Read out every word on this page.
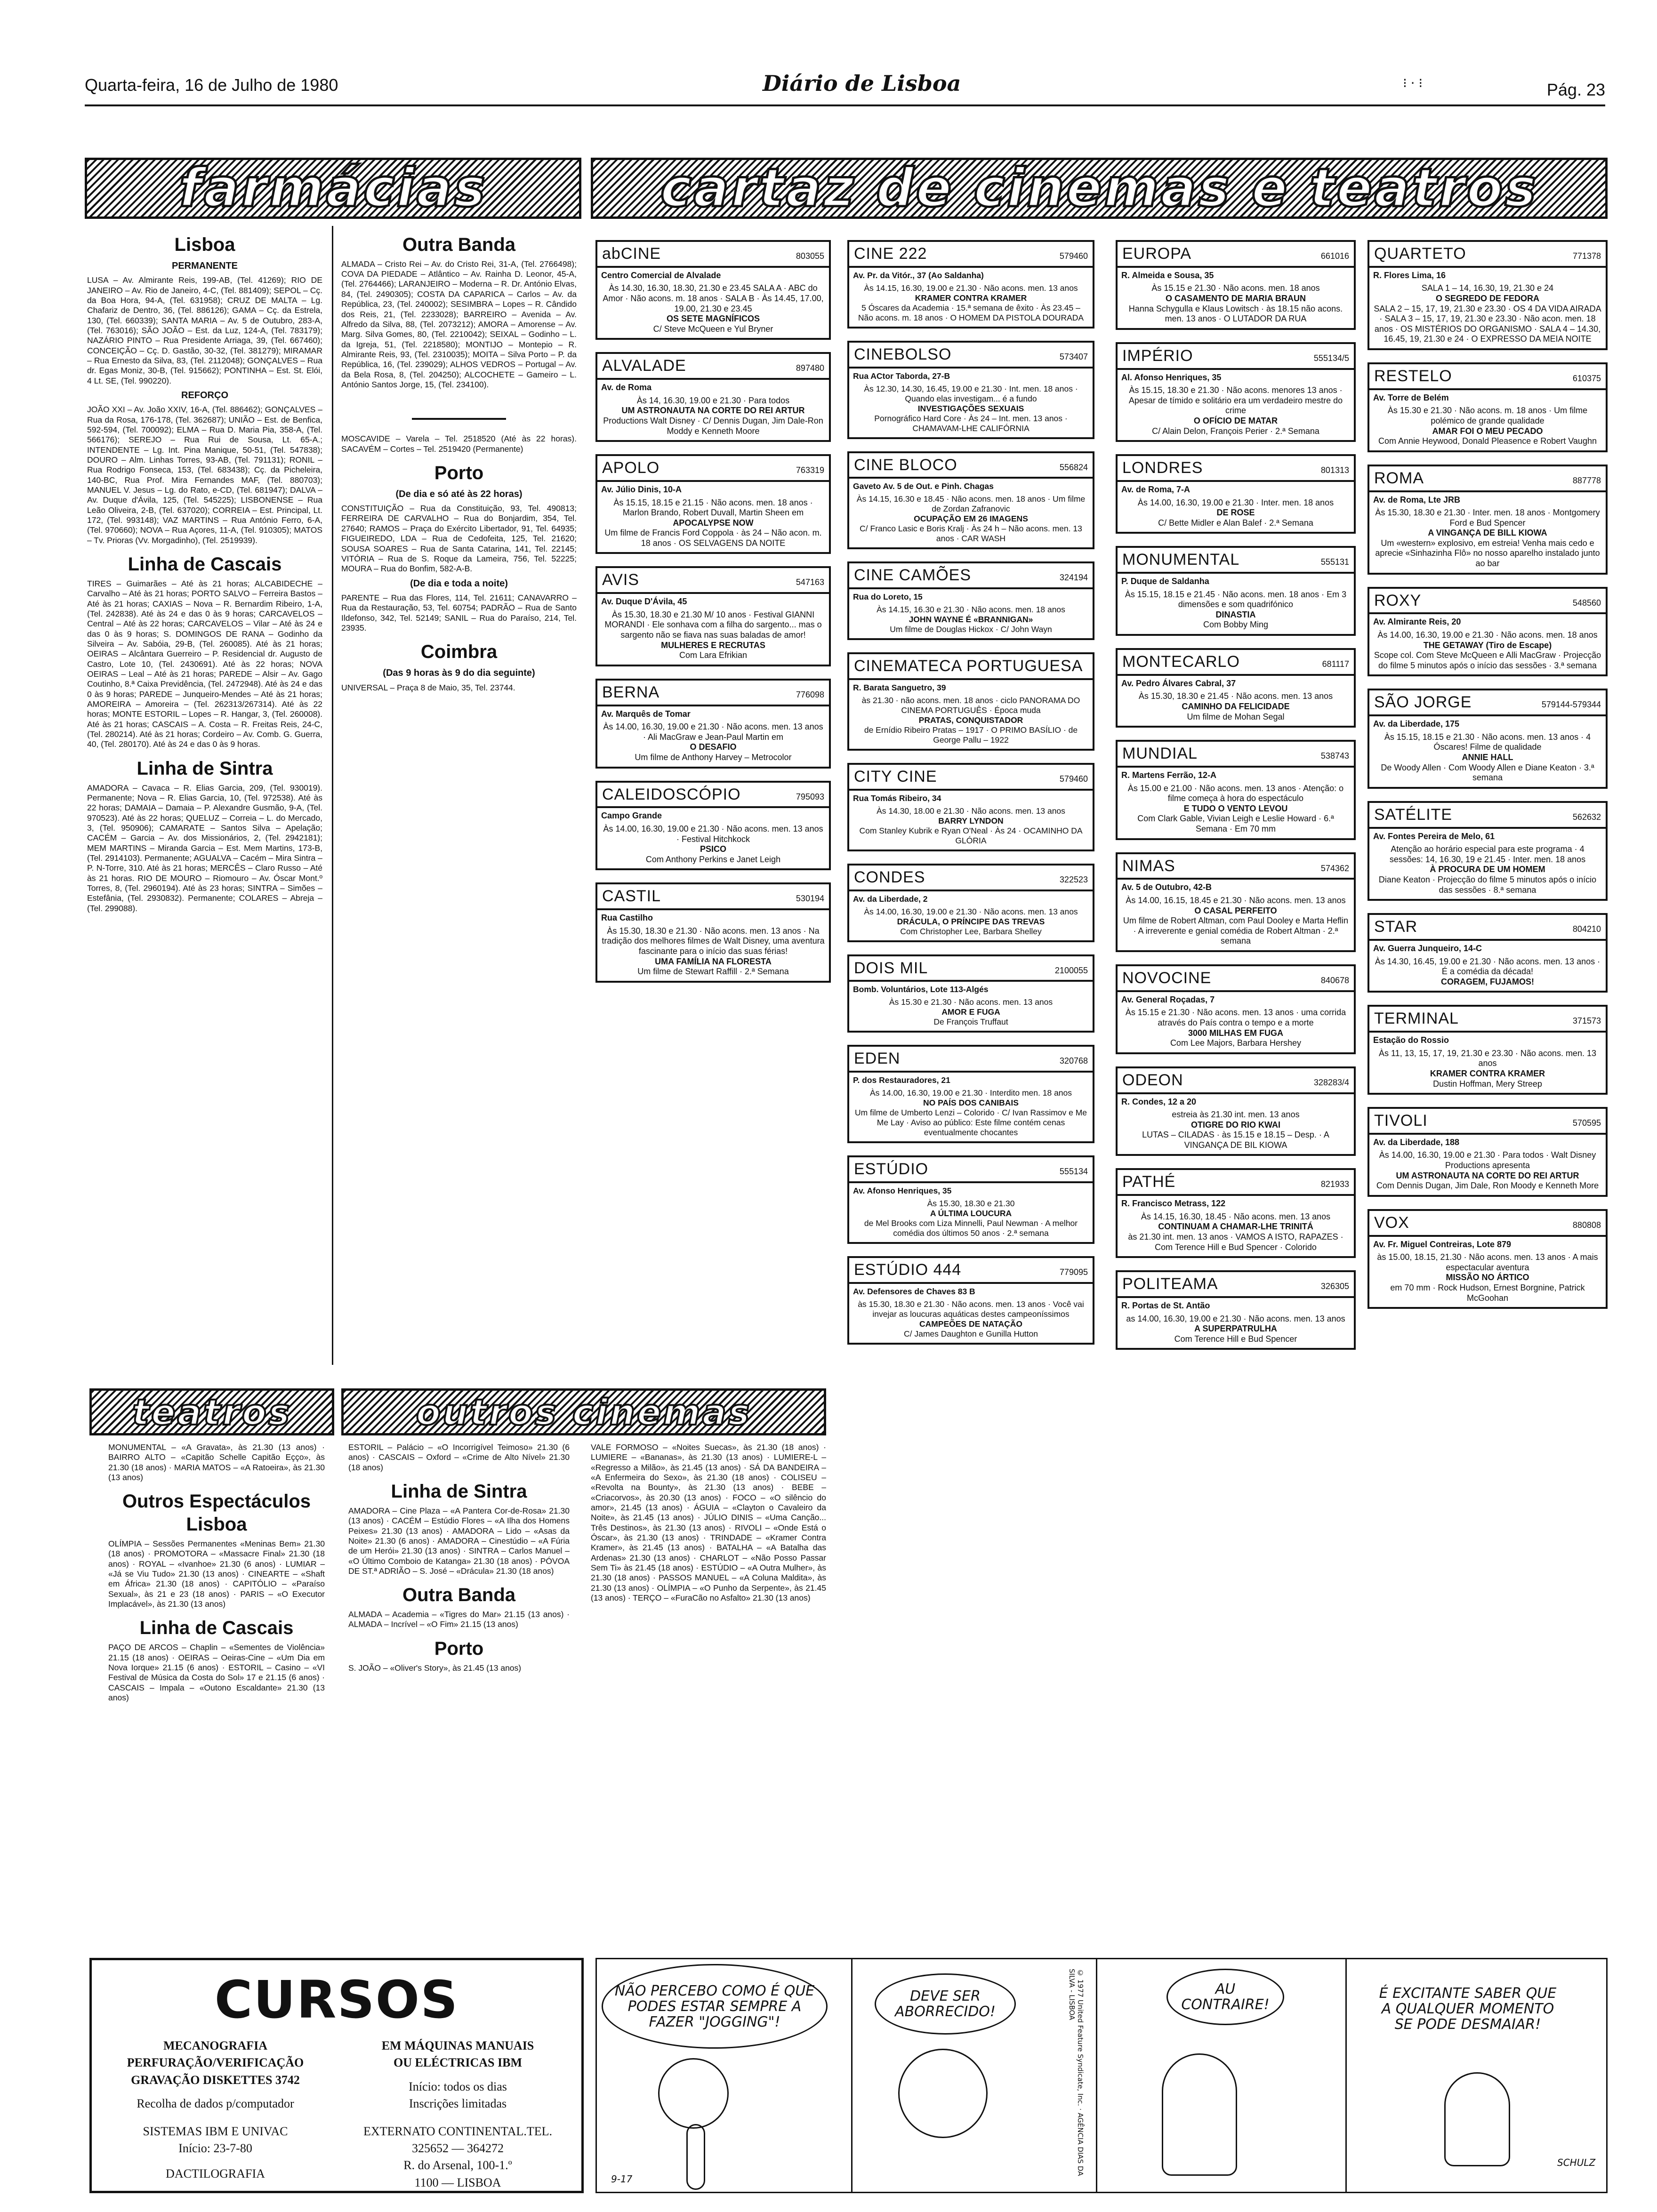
Quarta-feira, 16 de Julho de 1980	Diário de Lisboa	⁝ ⋅ ⁝	Pág. 23
farmácias	cartaz de cinemas e teatros
Lisboa
PERMANENTE

LUSA – Av. Almirante Reis, 199-AB, (Tel. 41269); RIO DE JANEIRO – Av. Rio de Janeiro, 4-C, (Tel. 881409); SEPOL – Cç. da Boa Hora, 94-A, (Tel. 631958); CRUZ DE MALTA – Lg. Chafariz de Dentro, 36, (Tel. 886126); GAMA – Cç. da Estrela, 130, (Tel. 660339); SANTA MARIA – Av. 5 de Outubro, 283-A, (Tel. 763016); SÃO JOÃO – Est. da Luz, 124-A, (Tel. 783179); NAZÁRIO PINTO – Rua Presidente Arriaga, 39, (Tel. 667460); CONCEIÇÃO – Cç. D. Gastão, 30-32, (Tel. 381279); MIRAMAR – Rua Ernesto da Silva, 83, (Tel. 2112048); GONÇALVES – Rua dr. Egas Moniz, 30-B, (Tel. 915662); PONTINHA – Est. St. Elói, 4 Lt. SE, (Tel. 990220).

REFORÇO

JOÃO XXI – Av. João XXIV, 16-A, (Tel. 886462); GONÇALVES – Rua da Rosa, 176-178, (Tel. 362687); UNIÃO – Est. de Benfica, 592-594, (Tel. 700092); ELMA – Rua D. Maria Pia, 358-A, (Tel. 566176); SEREJO – Rua Rui de Sousa, Lt. 65-A.; INTENDENTE – Lg. Int. Pina Manique, 50-51, (Tel. 547838); DOURO – Alm. Linhas Torres, 93-AB, (Tel. 791131); RONIL – Rua Rodrigo Fonseca, 153, (Tel. 683438); Cç. da Picheleira, 140-BC, Rua Prof. Mira Fernandes MAF, (Tel. 880703); MANUEL V. Jesus – Lg. do Rato, e-CD, (Tel. 681947); DALVA – Av. Duque d'Ávila, 125, (Tel. 545225); LISBONENSE – Rua Leão Oliveira, 2-B, (Tel. 637020); CORREIA – Est. Principal, Lt. 172, (Tel. 993148); VAZ MARTINS – Rua António Ferro, 6-A, (Tel. 970660); NOVA – Rua Açores, 11-A, (Tel. 910305); MATOS – Tv. Prioras (Vv. Morgadinho), (Tel. 2519939).

Linha de Cascais

TIRES – Guimarães – Até às 21 horas; ALCABIDECHE – Carvalho – Até às 21 horas; PORTO SALVO – Ferreira Bastos – Até às 21 horas; CAXIAS – Nova – R. Bernardim Ribeiro, 1-A, (Tel. 242838). Até às 24 e das 0 às 9 horas; CARCAVELOS – Central – Até às 22 horas; CARCAVELOS – Vilar – Até às 24 e das 0 às 9 horas; S. DOMINGOS DE RANA – Godinho da Silveira – Av. Sabóia, 29-B, (Tel. 260085). Até às 21 horas; OEIRAS – Alcântara Guerreiro – P. Residencial dr. Augusto de Castro, Lote 10, (Tel. 2430691). Até às 22 horas; NOVA OEIRAS – Leal – Até às 21 horas; PAREDE – Alsir – Av. Gago Coutinho, 8.ª Caixa Previdência, (Tel. 2472948). Até às 24 e das 0 às 9 horas; PAREDE – Junqueiro-Mendes – Até às 21 horas; AMOREIRA – Amoreira – (Tel. 262313/267314). Até às 22 horas; MONTE ESTORIL – Lopes – R. Hangar, 3, (Tel. 260008). Até às 21 horas; CASCAIS – A. Costa – R. Freitas Reis, 24-C, (Tel. 280214). Até às 21 horas; Cordeiro – Av. Comb. G. Guerra, 40, (Tel. 280170). Até às 24 e das 0 às 9 horas.

Linha de Sintra

AMADORA – Cavaca – R. Elias Garcia, 209, (Tel. 930019). Permanente; Nova – R. Elias Garcia, 10, (Tel. 972538). Até às 22 horas; DAMAIA – Damaia – P. Alexandre Gusmão, 9-A, (Tel. 970523). Até às 22 horas; QUELUZ – Correia – L. do Mercado, 3, (Tel. 950906); CAMARATE – Santos Silva – Apelação; CACÉM – Garcia – Av. dos Missionários, 2, (Tel. 2942181); MEM MARTINS – Miranda Garcia – Est. Mem Martins, 173-B, (Tel. 2914103). Permanente; AGUALVA – Cacém – Mira Sintra – P. N-Torre, 310. Até às 21 horas; MERCÊS – Claro Russo – Até às 21 horas. RIO DE MOURO – Riomouro – Av. Óscar Mont.º Torres, 8, (Tel. 2960194). Até às 23 horas; SINTRA – Simões – Estefânia, (Tel. 2930832). Permanente; COLARES – Abreja – (Tel. 299088).

Outra Banda

ALMADA – Cristo Rei – Av. do Cristo Rei, 31-A, (Tel. 2766498); COVA DA PIEDADE – Atlântico – Av. Rainha D. Leonor, 45-A, (Tel. 2764466); LARANJEIRO – Moderna – R. Dr. António Elvas, 84, (Tel. 2490305); COSTA DA CAPARICA – Carlos – Av. da República, 23, (Tel. 240002); SESIMBRA – Lopes – R. Cândido dos Reis, 21, (Tel. 2233028); BARREIRO – Avenida – Av. Alfredo da Silva, 88, (Tel. 2073212); AMORA – Amorense – Av. Marg. Silva Gomes, 80, (Tel. 2210042); SEIXAL – Godinho – L. da Igreja, 51, (Tel. 2218580); MONTIJO – Montepio – R. Almirante Reis, 93, (Tel. 2310035); MOITA – Silva Porto – P. da República, 16, (Tel. 239029); ALHOS VEDROS – Portugal – Av. da Bela Rosa, 8, (Tel. 204250); ALCOCHETE – Gameiro – L. António Santos Jorge, 15, (Tel. 234100).

MOSCAVIDE – Varela – Tel. 2518520 (Até às 22 horas). SACAVÉM – Cortes – Tel. 2519420 (Permanente)

Porto
(De dia e só até às 22 horas)

CONSTITUIÇÃO – Rua da Constituição, 93, Tel. 490813; FERREIRA DE CARVALHO – Rua do Bonjardim, 354, Tel. 27640; RAMOS – Praça do Exército Libertador, 91, Tel. 64935; FIGUEIREDO, LDA – Rua de Cedofeita, 125, Tel. 21620; SOUSA SOARES – Rua de Santa Catarina, 141, Tel. 22145; VITÓRIA – Rua de S. Roque da Lameira, 756, Tel. 52225; MOURA – Rua do Bonfim, 582-A-B.

(De dia e toda a noite)

PARENTE – Rua das Flores, 114, Tel. 21611; CANAVARRO – Rua da Restauração, 53, Tel. 60754; PADRÃO – Rua de Santo Ildefonso, 342, Tel. 52149; SANIL – Rua do Paraíso, 214, Tel. 23935.

Coimbra
(Das 9 horas às 9 do dia seguinte)

UNIVERSAL – Praça 8 de Maio, 35, Tel. 23744.

abCINE	803055
Centro Comercial de Alvalade
Às 14.30, 16.30, 18.30, 21.30 e 23.45 SALA A · ABC do Amor · Não acons. m. 18 anos · SALA B · Às 14.45, 17.00, 19.00, 21.30 e 23.45
OS SETE MAGNÍFICOS
C/ Steve McQueen e Yul Bryner
ALVALADE	897480
Av. de Roma
Às 14, 16.30, 19.00 e 21.30 · Para todos
UM ASTRONAUTA NA CORTE DO REI ARTUR
Productions Walt Disney · C/ Dennis Dugan, Jim Dale-Ron Moddy e Kenneth Moore
APOLO	763319
Av. Júlio Dinis, 10-A
Às 15.15, 18.15 e 21.15 · Não acons. men. 18 anos · Marlon Brando, Robert Duvall, Martin Sheen em
APOCALYPSE NOW
Um filme de Francis Ford Coppola · às 24 – Não acon. m. 18 anos · OS SELVAGENS DA NOITE
AVIS	547163
Av. Duque D'Ávila, 45
Às 15.30, 18.30 e 21.30 M/ 10 anos · Festival GIANNI MORANDI · Ele sonhava com a filha do sargento... mas o sargento não se fiava nas suas baladas de amor!
MULHERES E RECRUTAS
Com Lara Efrikian
BERNA	776098
Av. Marquês de Tomar
Às 14.00, 16.30, 19.00 e 21.30 · Não acons. men. 13 anos · Ali MacGraw e Jean-Paul Martin em
O DESAFIO
Um filme de Anthony Harvey – Metrocolor
CALEIDOSCÓPIO	795093
Campo Grande
Às 14.00, 16.30, 19.00 e 21.30 · Não acons. men. 13 anos · Festival Hitchkock
PSICO
Com Anthony Perkins e Janet Leigh
CASTIL	530194
Rua Castilho
Às 15.30, 18.30 e 21.30 · Não acons. men. 13 anos · Na tradição dos melhores filmes de Walt Disney, uma aventura fascinante para o início das suas férias!
UMA FAMÍLIA NA FLORESTA
Um filme de Stewart Raffill · 2.ª Semana
CINE 222	579460
Av. Pr. da Vitór., 37 (Ao Saldanha)
Às 14.15, 16.30, 19.00 e 21.30 · Não acons. men. 13 anos
KRAMER CONTRA KRAMER
5 Óscares da Academia · 15.ª semana de êxito · Às 23.45 – Não acons. m. 18 anos · O HOMEM DA PISTOLA DOURADA
CINEBOLSO	573407
Rua ACtor Taborda, 27-B
Às 12.30, 14.30, 16.45, 19.00 e 21.30 · Int. men. 18 anos · Quando elas investigam... é a fundo
INVESTIGAÇÕES SEXUAIS
Pornográfico Hard Core · Às 24 – Int. men. 13 anos · CHAMAVAM-LHE CALIFÓRNIA
CINE BLOCO	556824
Gaveto Av. 5 de Out. e Pinh. Chagas
Às 14.15, 16.30 e 18.45 · Não acons. men. 18 anos · Um filme de Zordan Zafranovic
OCUPAÇÃO EM 26 IMAGENS
C/ Franco Lasic e Boris Kralj · Às 24 h – Não acons. men. 13 anos · CAR WASH
CINE CAMÕES	324194
Rua do Loreto, 15
Às 14.15, 16.30 e 21.30 · Não acons. men. 18 anos
JOHN WAYNE É «BRANNIGAN»
Um filme de Douglas Hickox · C/ John Wayn
CINEMATECA PORTUGUESA
R. Barata Sanguetro, 39
às 21.30 · não acons. men. 18 anos · ciclo PANORAMA DO CINEMA PORTUGUÊS · Época muda
PRATAS, CONQUISTADOR
de Ernídio Ribeiro Pratas – 1917 · O PRIMO BASÍLIO · de George Pallu – 1922
CITY CINE	579460
Rua Tomás Ribeiro, 34
Às 14.30, 18.00 e 21.30 · Não acons. men. 13 anos
BARRY LYNDON
Com Stanley Kubrik e Ryan O'Neal · Às 24 · OCAMINHO DA GLÓRIA
CONDES	322523
Av. da Liberdade, 2
Às 14.00, 16.30, 19.00 e 21.30 · Não acons. men. 13 anos
DRÁCULA, O PRÍNCIPE DAS TREVAS
Com Christopher Lee, Barbara Shelley
DOIS MIL	2100055
Bomb. Voluntários, Lote 113-Algés
Às 15.30 e 21.30 · Não acons. men. 13 anos
AMOR E FUGA
De François Truffaut
EDEN	320768
P. dos Restauradores, 21
Às 14.00, 16.30, 19.00 e 21.30 · Interdito men. 18 anos
NO PAÍS DOS CANIBAIS
Um filme de Umberto Lenzi – Colorido · C/ Ivan Rassimov e Me Me Lay · Aviso ao público: Este filme contém cenas eventualmente chocantes
ESTÚDIO	555134
Av. Afonso Henriques, 35
Às 15.30, 18.30 e 21.30
A ÚLTIMA LOUCURA
de Mel Brooks com Liza Minnelli, Paul Newman · A melhor comédia dos últimos 50 anos · 2.ª semana
ESTÚDIO 444	779095
Av. Defensores de Chaves 83 B
às 15.30, 18.30 e 21.30 · Não acons. men. 13 anos · Você vai invejar as loucuras aquáticas destes campeoníssimos
CAMPEÕES DE NATAÇÃO
C/ James Daughton e Gunilla Hutton
EUROPA	661016
R. Almeida e Sousa, 35
Às 15.15 e 21.30 · Não acons. men. 18 anos
O CASAMENTO DE MARIA BRAUN
Hanna Schygulla e Klaus Lowitsch · às 18.15 não acons. men. 13 anos · O LUTADOR DA RUA
IMPÉRIO	555134/5
Al. Afonso Henriques, 35
Às 15.15, 18.30 e 21.30 · Não acons. menores 13 anos · Apesar de tímido e solitário era um verdadeiro mestre do crime
O OFÍCIO DE MATAR
C/ Alain Delon, François Perier · 2.ª Semana
LONDRES	801313
Av. de Roma, 7-A
Às 14.00, 16.30, 19.00 e 21.30 · Inter. men. 18 anos
DE ROSE
C/ Bette Midler e Alan Balef · 2.ª Semana
MONUMENTAL	555131
P. Duque de Saldanha
Às 15.15, 18.15 e 21.45 · Não acons. men. 18 anos · Em 3 dimensões e som quadrifónico
DINASTIA
Com Bobby Ming
MONTECARLO	681117
Av. Pedro Álvares Cabral, 37
Às 15.30, 18.30 e 21.45 · Não acons. men. 13 anos
CAMINHO DA FELICIDADE
Um filme de Mohan Segal
MUNDIAL	538743
R. Martens Ferrão, 12-A
Às 15.00 e 21.00 · Não acons. men. 13 anos · Atenção: o filme começa à hora do espectáculo
E TUDO O VENTO LEVOU
Com Clark Gable, Vivian Leigh e Leslie Howard · 6.ª Semana · Em 70 mm
NIMAS	574362
Av. 5 de Outubro, 42-B
Às 14.00, 16.15, 18.45 e 21.30 · Não acons. men. 13 anos
O CASAL PERFEITO
Um filme de Robert Altman, com Paul Dooley e Marta Heflin · A irreverente e genial comédia de Robert Altman · 2.ª semana
NOVOCINE	840678
Av. General Roçadas, 7
Às 15.15 e 21.30 · Não acons. men. 13 anos · uma corrida através do País contra o tempo e a morte
3000 MILHAS EM FUGA
Com Lee Majors, Barbara Hershey
ODEON	328283/4
R. Condes, 12 a 20
estreia às 21.30 int. men. 13 anos
OTIGRE DO RIO KWAI
LUTAS – CILADAS · às 15.15 e 18.15 – Desp. · A VINGANÇA DE BIL KIOWA
PATHÉ	821933
R. Francisco Metrass, 122
Às 14.15, 16.30, 18.45 · Não acons. men. 13 anos
CONTINUAM A CHAMAR-LHE TRINITÁ
às 21.30 int. men. 13 anos · VAMOS A ISTO, RAPAZES · Com Terence Hill e Bud Spencer · Colorido
POLITEAMA	326305
R. Portas de St. Antão
as 14.00, 16.30, 19.00 e 21.30 · Não acons. men. 13 anos
A SUPERPATRULHA
Com Terence Hill e Bud Spencer
QUARTETO	771378
R. Flores Lima, 16
SALA 1 – 14, 16.30, 19, 21.30 e 24
O SEGREDO DE FEDORA
SALA 2 – 15, 17, 19, 21.30 e 23.30 · OS 4 DA VIDA AIRADA · SALA 3 – 15, 17, 19, 21.30 e 23.30 · Não acon. men. 18 anos · OS MISTÉRIOS DO ORGANISMO · SALA 4 – 14.30, 16.45, 19, 21.30 e 24 · O EXPRESSO DA MEIA NOITE
RESTELO	610375
Av. Torre de Belém
Às 15.30 e 21.30 · Não acons. m. 18 anos · Um filme polémico de grande qualidade
AMAR FOI O MEU PECADO
Com Annie Heywood, Donald Pleasence e Robert Vaughn
ROMA	887778
Av. de Roma, Lte JRB
Às 15.30, 18.30 e 21.30 · Inter. men. 18 anos · Montgomery Ford e Bud Spencer
A VINGANÇA DE BILL KIOWA
Um «western» explosivo, em estreia! Venha mais cedo e aprecie «Sinhazinha Flô» no nosso aparelho instalado junto ao bar
ROXY	548560
Av. Almirante Reis, 20
Às 14.00, 16.30, 19.00 e 21.30 · Não acons. men. 18 anos
THE GETAWAY (Tiro de Escape)
Scope col. Com Steve McQueen e Alli MacGraw · Projecção do filme 5 minutos após o início das sessões · 3.ª semana
SÃO JORGE	579144-579344
Av. da Liberdade, 175
Às 15.15, 18.15 e 21.30 · Não acons. men. 13 anos · 4 Óscares! Filme de qualidade
ANNIE HALL
De Woody Allen · Com Woody Allen e Diane Keaton · 3.ª semana
SATÉLITE	562632
Av. Fontes Pereira de Melo, 61
Atenção ao horário especial para este programa · 4 sessões: 14, 16.30, 19 e 21.45 · Inter. men. 18 anos
À PROCURA DE UM HOMEM
Diane Keaton · Projecção do filme 5 minutos após o início das sessões · 8.ª semana
STAR	804210
Av. Guerra Junqueiro, 14-C
Às 14.30, 16.45, 19.00 e 21.30 · Não acons. men. 13 anos · É a comédia da década!
CORAGEM, FUJAMOS!
TERMINAL	371573
Estação do Rossio
Às 11, 13, 15, 17, 19, 21.30 e 23.30 · Não acons. men. 13 anos
KRAMER CONTRA KRAMER
Dustin Hoffman, Mery Streep
TIVOLI	570595
Av. da Liberdade, 188
Às 14.00, 16.30, 19.00 e 21.30 · Para todos · Walt Disney Productions apresenta
UM ASTRONAUTA NA CORTE DO REI ARTUR
Com Dennis Dugan, Jim Dale, Ron Moody e Kenneth More
VOX	880808
Av. Fr. Miguel Contreiras, Lote 879
às 15.00, 18.15, 21.30 · Não acons. men. 13 anos · A mais espectacular aventura
MISSÃO NO ÁRTICO
em 70 mm · Rock Hudson, Ernest Borgnine, Patrick McGoohan
teatros	outros cinemas

MONUMENTAL – «A Gravata», às 21.30 (13 anos) · BAIRRO ALTO – «Capitão Schelle Capitão Eçço», às 21.30 (18 anos) · MARIA MATOS – «A Ratoeira», às 21.30 (13 anos)

Outros Espectáculos Lisboa

OLÍMPIA – Sessões Permanentes «Meninas Bem» 21.30 (18 anos) · PROMOTORA – «Massacre Final» 21.30 (18 anos) · ROYAL – «Ivanhoe» 21.30 (6 anos) · LUMIAR – «Já se Viu Tudo» 21.30 (13 anos) · CINEARTE – «Shaft em África» 21.30 (18 anos) · CAPITÓLIO – «Paraíso Sexual», às 21 e 23 (18 anos) · PARIS – «O Executor Implacável», às 21.30 (13 anos)

Linha de Cascais

PAÇO DE ARCOS – Chaplin – «Sementes de Violência» 21.15 (18 anos) · OEIRAS – Oeiras-Cine – «Um Dia em Nova Iorque» 21.15 (6 anos) · ESTORIL – Casino – «VI Festival de Música da Costa do Sol» 17 e 21.15 (6 anos) · CASCAIS – Impala – «Outono Escaldante» 21.30 (13 anos)

ESTORIL – Palácio – «O Incorrigível Teimoso» 21.30 (6 anos) · CASCAIS – Oxford – «Crime de Alto Nível» 21.30 (18 anos)

Linha de Sintra

AMADORA – Cine Plaza – «A Pantera Cor-de-Rosa» 21.30 (13 anos) · CACÉM – Estúdio Flores – «A Ilha dos Homens Peixes» 21.30 (13 anos) · AMADORA – Lido – «Asas da Noite» 21.30 (6 anos) · AMADORA – Cinestúdio – «A Fúria de um Herói» 21.30 (13 anos) · SINTRA – Carlos Manuel – «O Último Comboio de Katanga» 21.30 (18 anos) · PÓVOA DE ST.ª ADRIÃO – S. José – «Drácula» 21.30 (18 anos)

Outra Banda

ALMADA – Academia – «Tigres do Mar» 21.15 (13 anos) · ALMADA – Incrível – «O Fim» 21.15 (13 anos)

Porto

S. JOÃO – «Oliver's Story», às 21.45 (13 anos)

VALE FORMOSO – «Noites Suecas», às 21.30 (18 anos) · LUMIERE – «Bananas», às 21.30 (13 anos) · LUMIERE-L – «Regresso a Milão», às 21.45 (13 anos) · SÁ DA BANDEIRA – «A Enfermeira do Sexo», às 21.30 (18 anos) · COLISEU – «Revolta na Bounty», às 21.30 (13 anos) · BEBE – «Criacorvos», às 20.30 (13 anos) · FOCO – «O silêncio do amor», 21.45 (13 anos) · ÁGUIA – «Clayton o Cavaleiro da Noite», às 21.45 (13 anos) · JÚLIO DINIS – «Uma Canção... Três Destinos», às 21.30 (13 anos) · RIVOLI – «Onde Está o Óscar», às 21.30 (13 anos) · TRINDADE – «Kramer Contra Kramer», às 21.45 (13 anos) · BATALHA – «A Batalha das Ardenas» 21.30 (13 anos) · CHARLOT – «Não Posso Passar Sem Ti» às 21.45 (18 anos) · ESTÚDIO – «A Outra Mulher», às 21.30 (18 anos) · PASSOS MANUEL – «A Coluna Maldita», às 21.30 (13 anos) · OLÍMPIA – «O Punho da Serpente», às 21.45 (13 anos) · TERÇO – «FuraCão no Asfalto» 21.30 (13 anos)

CURSOS
MECANOGRAFIA
PERFURAÇÃO/VERIFICAÇÃO
GRAVAÇÃO DISKETTES 3742
Recolha de dados p/computador
SISTEMAS IBM E UNIVAC
Início: 23-7-80
DACTILOGRAFIA
EM MÁQUINAS MANUAIS
OU ELÉCTRICAS IBM
Início: todos os dias
Inscrições limitadas
EXTERNATO CONTINENTAL.TEL. 325652 — 364272
R. do Arsenal, 100-1.º
1100 — LISBOA
NÃO PERCEBO COMO É QUE PODES ESTAR SEMPRE A FAZER "JOGGING"!
DEVE SER ABORRECIDO!	© 1977 United Feature Syndicate, Inc. · AGÊNCIA DIAS DA SILVA - LISBOA	AU CONTRAIRE!
É EXCITANTE SABER QUE A QUALQUER MOMENTO SE PODE DESMAIAR!
9-17
SCHULZ
